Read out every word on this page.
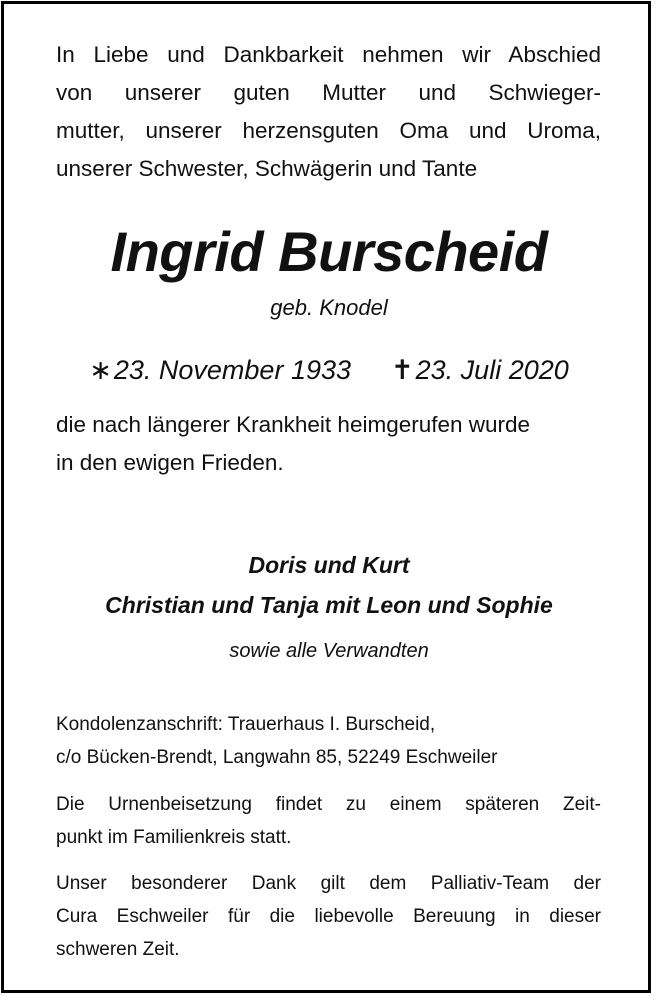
In Liebe und Dankbarkeit nehmen wir Abschied
von unserer guten Mutter und Schwieger-
mutter, unserer herzensguten Oma und Uroma,
unserer Schwester, Schwägerin und Tante
Ingrid Burscheid
geb. Knodel
∗23. November 1933 ✝23. Juli 2020
die nach längerer Krankheit heimgerufen wurde
in den ewigen Frieden.
Doris und Kurt
Christian und Tanja mit Leon und Sophie
sowie alle Verwandten
Kondolenzanschrift: Trauerhaus I. Burscheid,
c/o Bücken-Brendt, Langwahn 85, 52249 Eschweiler
Die Urnenbeisetzung findet zu einem späteren Zeit-
punkt im Familienkreis statt.
Unser besonderer Dank gilt dem Palliativ-Team der
Cura Eschweiler für die liebevolle Bereuung in dieser
schweren Zeit.
